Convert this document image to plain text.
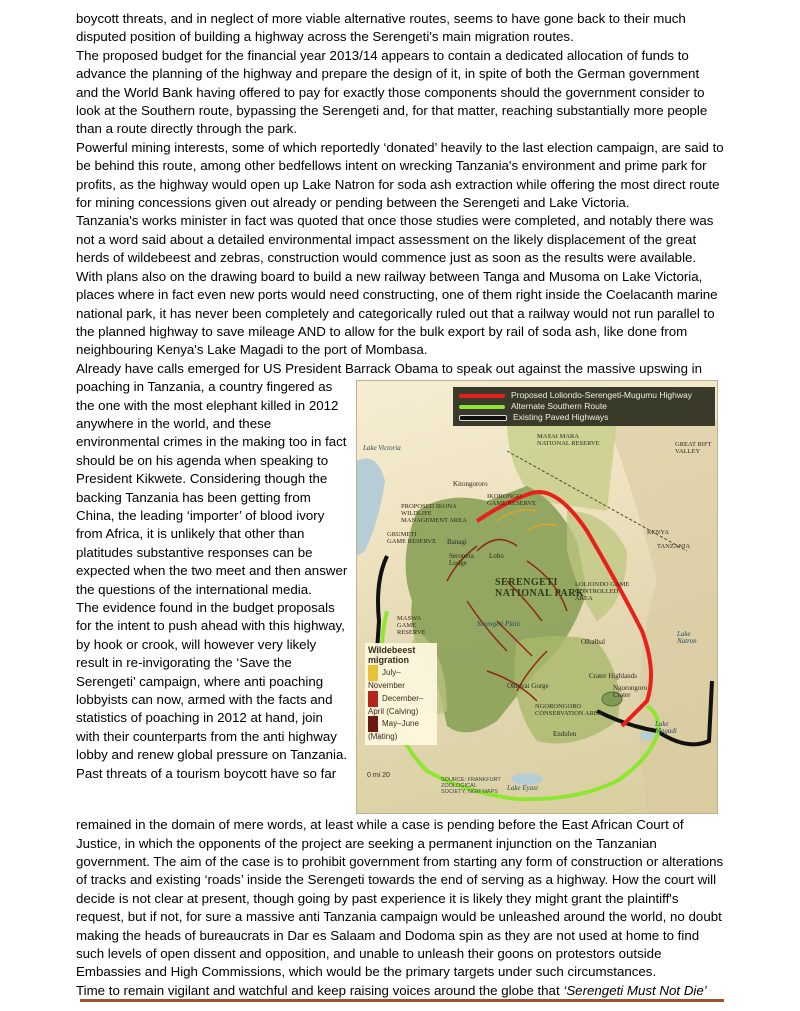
boycott threats, and in neglect of more viable alternative routes, seems to have gone back to their much disputed position of building a highway across the Serengeti's main migration routes.

The proposed budget for the financial year 2013/14 appears to contain a dedicated allocation of funds to advance the planning of the highway and prepare the design of it, in spite of both the German government and the World Bank having offered to pay for exactly those components should the government consider to look at the Southern route, bypassing the Serengeti and, for that matter, reaching substantially more people than a route directly through the park.

Powerful mining interests, some of which reportedly ‘donated’ heavily to the last election campaign, are said to be behind this route, among other bedfellows intent on wrecking Tanzania's environment and prime park for profits, as the highway would open up Lake Natron for soda ash extraction while offering the most direct route for mining concessions given out already or pending between the Serengeti and Lake Victoria.

Tanzania's works minister in fact was quoted that once those studies were completed, and notably there was not a word said about a detailed environmental impact assessment on the likely displacement of the great herds of wildebeest and zebras, construction would commence just as soon as the results were available. With plans also on the drawing board to build a new railway between Tanga and Musoma on Lake Victoria, places where in fact even new ports would need constructing, one of them right inside the Coelacanth marine national park, it has never been completely and categorically ruled out that a railway would not run parallel to the planned highway to save mileage AND to allow for the bulk export by rail of soda ash, like done from neighbouring Kenya's Lake Magadi to the port of Mombasa.

Already have calls emerged for US President Barrack Obama to speak out against the massive upswing in

poaching in Tanzania, a country fingered as the one with the most elephant killed in 2012 anywhere in the world, and these environmental crimes in the making too in fact should be on his agenda when speaking to President Kikwete. Considering though the backing Tanzania has been getting from China, the leading ‘importer’ of blood ivory from Africa, it is unlikely that other than platitudes substantive responses can be expected when the two meet and then answer the questions of the international media.

The evidence found in the budget proposals for the intent to push ahead with this highway, by hook or crook, will however very likely result in re-invigorating the ‘Save the Serengeti’ campaign, where anti poaching lobbyists can now, armed with the facts and statistics of poaching in 2012 at hand, join with their counterparts from the anti highway lobby and renew global pressure on Tanzania.

Past threats of a tourism boycott have so far

Proposed Loliondo-Serengeti-Mugumu Highway
Alternate Southern Route
Existing Paved Highways
Wildebeest migration
July–November
December–April (Calving)
May–June (Mating)
Lake Victoria
MASAI MARA NATIONAL RESERVE	GREAT RIFT VALLEY
KENYA
TANZANIA
Kitongororo
IKORONGO GAME RESERVE
PROPOSED IKONA WILDLIFE MANAGEMENT AREA
GRUMETI GAME RESERVE Banagi
Seronera Lodge
Lobo
SERENGETI NATIONAL PARK
Serengeti Plain
LOLIONDO GAME CONTROLLED AREA
MASWA GAME RESERVE
NGORONGORO CONSERVATION AREA
Crater Highlands
Ngorongoro Crater
Olduvai Gorge
Lake Magadi
Lake Eyasi
Endulen
Olbalbal
Lake Natron
0 mi 20
SOURCE: FRANKFURT ZOOLOGICAL SOCIETY; NGM MAPS

remained in the domain of mere words, at least while a case is pending before the East African Court of Justice, in which the opponents of the project are seeking a permanent injunction on the Tanzanian government. The aim of the case is to prohibit government from starting any form of construction or alterations of tracks and existing ‘roads’ inside the Serengeti towards the end of serving as a highway. How the court will decide is not clear at present, though going by past experience it is likely they might grant the plaintiff's request, but if not, for sure a massive anti Tanzania campaign would be unleashed around the world, no doubt making the heads of bureaucrats in Dar es Salaam and Dodoma spin as they are not used at home to find such levels of open dissent and opposition, and unable to unleash their goons on protestors outside Embassies and High Commissions, which would be the primary targets under such circumstances.

Time to remain vigilant and watchful and keep raising voices around the globe that ‘Serengeti Must Not Die’
